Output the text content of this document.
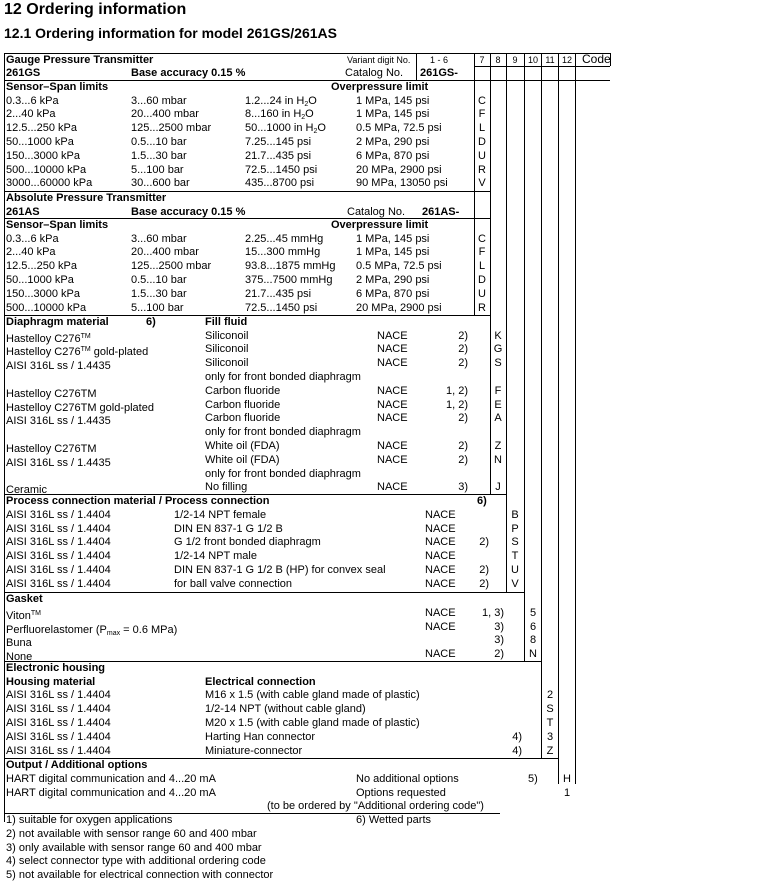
12 Ordering information
12.1 Ordering information for model 261GS/261AS
Variant digit No. 1 - 6	7	8	9	10 11 12 Code
Gauge Pressure Transmitter
261GS	Base accuracy 0.15 %	Catalog No. 261GS-
Sensor–Span limits	Overpressure limit
0.3...6 kPa	3...60 mbar	1.2...24 in $H_2O$	1 MPa, 145 psi	C
2...40 kPa	20...400 mbar	8...160 in $H_2O$	1 MPa, 145 psi	F
12.5...250 kPa	125...2500 mbar	50...1000 in $H_2O$	0.5 MPa, 72.5 psi	L
50...1000 kPa	0.5...10 bar	7.25...145 psi	2 MPa, 290 psi	D
150...3000 kPa	1.5...30 bar	21.7...435 psi	6 MPa, 870 psi	U
500...10000 kPa	5...100 bar	72.5...1450 psi	20 MPa, 2900 psi	R
3000...60000 kPa	30...600 bar	435...8700 psi	90 MPa, 13050 psi	V
Absolute Pressure Transmitter
261AS	Base accuracy 0.15 %	Catalog No. 261AS-
Sensor–Span limits	Overpressure limit
0.3...6 kPa	3...60 mbar	2.25...45 mmHg	1 MPa, 145 psi	C
2...40 kPa	20...400 mbar	15...300 mmHg	1 MPa, 145 psi	F
12.5...250 kPa	125...2500 mbar	93.8...1875 mmHg 0.5 MPa, 72.5 psi	L
50...1000 kPa	0.5...10 bar	375...7500 mmHg 2 MPa, 290 psi	D
150...3000 kPa	1.5...30 bar	21.7...435 psi	6 MPa, 870 psi	U
500...10000 kPa	5...100 bar	72.5...1450 psi	20 MPa, 2900 psi	R
Diaphragm material	6)	Fill fluid
Hastelloy C276™	Siliconoil	NACE	2) K
Hastelloy C276™ gold-plated	Siliconoil	NACE	2) G
AISI 316L ss / 1.4435	Siliconoil	NACE	2) S
only for front bonded diaphragm
Hastelloy C276TM	Carbon fluoride	NACE	1, 2) F
Hastelloy C276TM gold-plated	Carbon fluoride	NACE	1, 2) E
AISI 316L ss / 1.4435	Carbon fluoride	NACE	2) A
only for front bonded diaphragm
Hastelloy C276TM	White oil (FDA)	NACE	2) Z
AISI 316L ss / 1.4435	White oil (FDA)	NACE	2) N
only for front bonded diaphragm
Ceramic	No filling	NACE	3) J
Process connection material / Process connection	6)
AISI 316L ss / 1.4404	1/2-14 NPT female	NACE	B
AISI 316L ss / 1.4404	DIN EN 837-1 G 1/2 B	NACE	P
AISI 316L ss / 1.4404	G 1/2 front bonded diaphragm	NACE	2) S
AISI 316L ss / 1.4404	1/2-14 NPT male	NACE	T
AISI 316L ss / 1.4404	DIN EN 837-1 G 1/2 B (HP) for convex seal	NACE	2) U
AISI 316L ss / 1.4404	for ball valve connection	NACE	2) V
Gasket
Viton™	NACE	1, 3) 5
Perfluorelastomer ($P_{max} = 0.6$ MPa)	NACE	3) 6
Buna	3) 8
None	NACE	2) N
Electronic housing
Housing material	Electrical connection
AISI 316L ss / 1.4404	M16 x 1.5 (with cable gland made of plastic)	2
AISI 316L ss / 1.4404	1/2-14 NPT (without cable gland)	S
AISI 316L ss / 1.4404	M20 x 1.5 (with cable gland made of plastic)	T
AISI 316L ss / 1.4404	Harting Han connector	4) 3
AISI 316L ss / 1.4404	Miniature-connector	4) Z
Output / Additional options
HART digital communication and 4...20 mA	No additional options	5) H
HART digital communication and 4...20 mA	Options requested	1
(to be ordered by "Additional ordering code")
1) suitable for oxygen applications	6) Wetted parts
2) not available with sensor range 60 and 400 mbar
3) only available with sensor range 60 and 400 mbar
4) select connector type with additional ordering code
5) not available for electrical connection with connector
